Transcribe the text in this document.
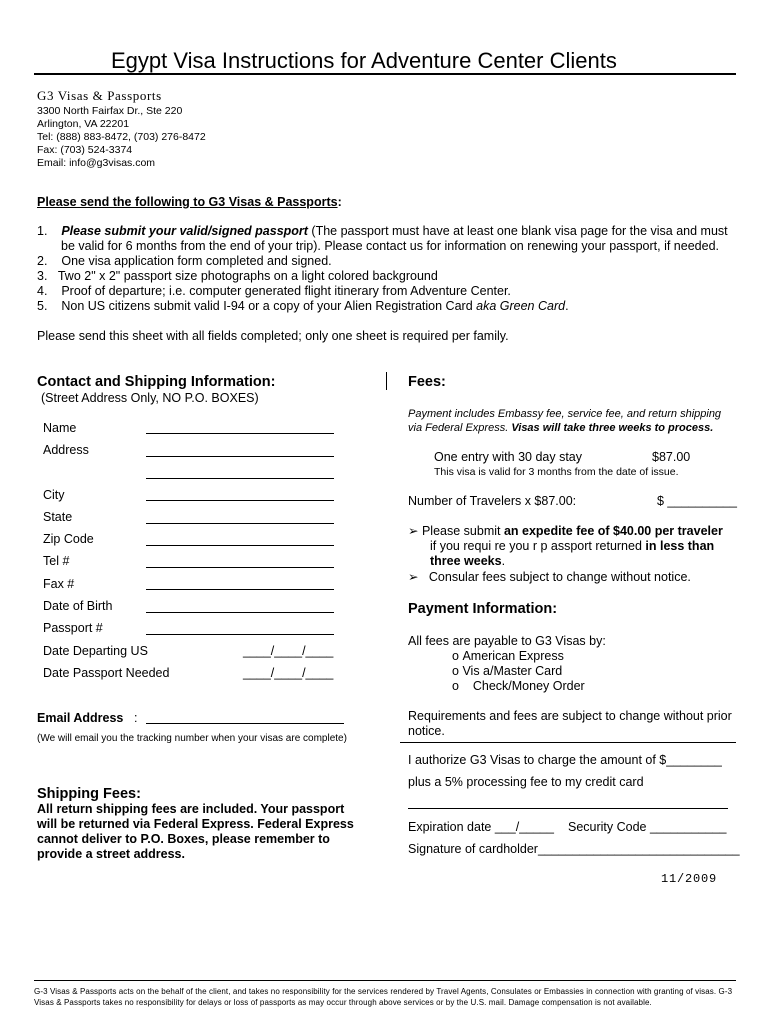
Egypt Visa Instructions for Adventure Center Clients
G3 Visas & Passports
3300 North Fairfax Dr., Ste 220
Arlington, VA 22201
Tel: (888) 883-8472, (703) 276-8472
Fax: (703) 524-3374
Email: info@g3visas.com
Please send the following to G3 Visas & Passports:
1. Please submit your valid/signed passport (The passport must have at least one blank visa page for the visa and must
be valid for 6 months from the end of your trip). Please contact us for information on renewing your passport, if needed.
2. One visa application form completed and signed.
3. Two 2" x 2" passport size photographs on a light colored background
4. Proof of departure; i.e. computer generated flight itinerary from Adventure Center.
5. Non US citizens submit valid I-94 or a copy of your Alien Registration Card aka Green Card.
Please send this sheet with all fields completed; only one sheet is required per family.
Contact and Shipping Information:
(Street Address Only, NO P.O. BOXES)
Name
Address
City
State
Zip Code
Tel #
Fax #
Date of Birth
Passport #
Date Departing US	____/____/____
Date Passport Needed	____/____/____
Email Address :
(We will email you the tracking number when your visas are complete)
Shipping Fees:
All return shipping fees are included. Your passport will be returned via Federal Express. Federal Express cannot deliver to P.O. Boxes, please remember to provide a street address.
Fees:
Payment includes Embassy fee, service fee, and return shipping
via Federal Express. Visas will take three weeks to process.
One entry with 30 day stay	$87.00
This visa is valid for 3 months from the date of issue.
Number of Travelers x $87.00:	$ __________
➢ Please submit an expedite fee of $40.00 per traveler
if you requi re you r p assport returned in less than
three weeks.
➢ Consular fees subject to change without notice.
Payment Information:
All fees are payable to G3 Visas by:
o American Express
o Vis a/Master Card
o Check/Money Order
Requirements and fees are subject to change without prior
notice.
I authorize G3 Visas to charge the amount of $________
plus a 5% processing fee to my credit card
Expiration date ___/_____ Security Code ___________
Signature of cardholder_____________________________
11/2009
G-3 Visas & Passports acts on the behalf of the client, and takes no responsibility for the services rendered by Travel Agents, Consulates or Embassies in connection with granting of visas. G-3
Visas & Passports takes no responsibility for delays or loss of passports as may occur through above services or by the U.S. mail. Damage compensation is not available.
